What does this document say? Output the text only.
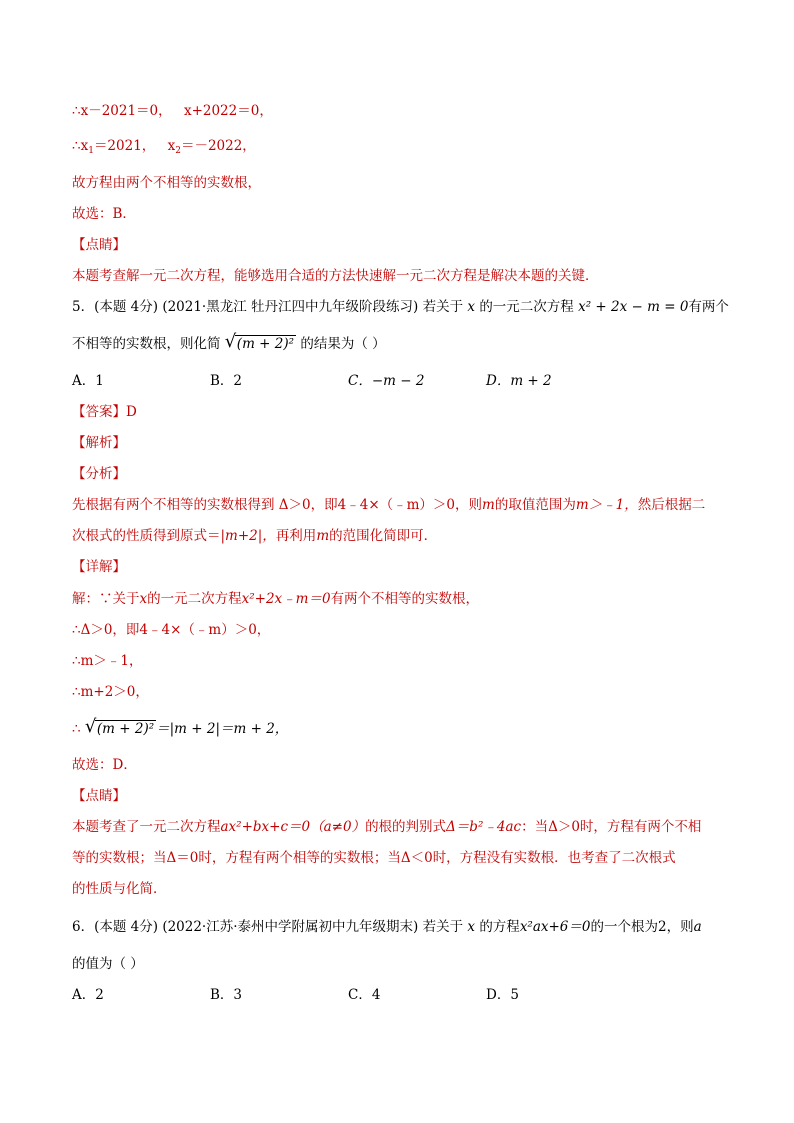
∴x－2021＝0， x+2022＝0，
$\therefore x_1=2021$， $x_2=-2022$，
故方程由两个不相等的实数根，
故选：B．
【点睛】
本题考查解一元二次方程，能够选用合适的方法快速解一元二次方程是解决本题的关键．
5．(本题 4分) (2021·黑龙江 牡丹江四中九年级阶段练习) 若关于 x 的一元二次方程 x² + 2x − m = 0有两个
不相等的实数根，则化简 √ (m + 2)² 的结果为（ ）
A．1	B．2	C．−m − 2	D．m + 2
【答案】D
【解析】
【分析】
先根据有两个不相等的实数根得到 Δ＞0，即4﹣4×（﹣m）＞0，则m的取值范围为m＞﹣1，然后根据二
次根式的性质得到原式＝|m+2|，再利用m的范围化简即可．
【详解】
解：∵关于x的一元二次方程x²+2x﹣m＝0有两个不相等的实数根，
∴Δ＞0，即4﹣4×（﹣m）＞0，
∴m＞﹣1，
∴m+2＞0，
∴ √ (m + 2)² ＝|m + 2|＝m + 2，
故选：D．
【点睛】
本题考查了一元二次方程ax²+bx+c＝0（a≠0）的根的判别式Δ＝b²﹣4ac：当Δ＞0时，方程有两个不相
等的实数根；当Δ＝0时，方程有两个相等的实数根；当Δ＜0时，方程没有实数根．也考查了二次根式
的性质与化简．
6．(本题 4分) (2022·江苏·泰州中学附属初中九年级期末) 若关于 x 的方程x²ax+6＝0的一个根为2，则a
的值为（ ）
A．2	B．3	C．4	D．5
